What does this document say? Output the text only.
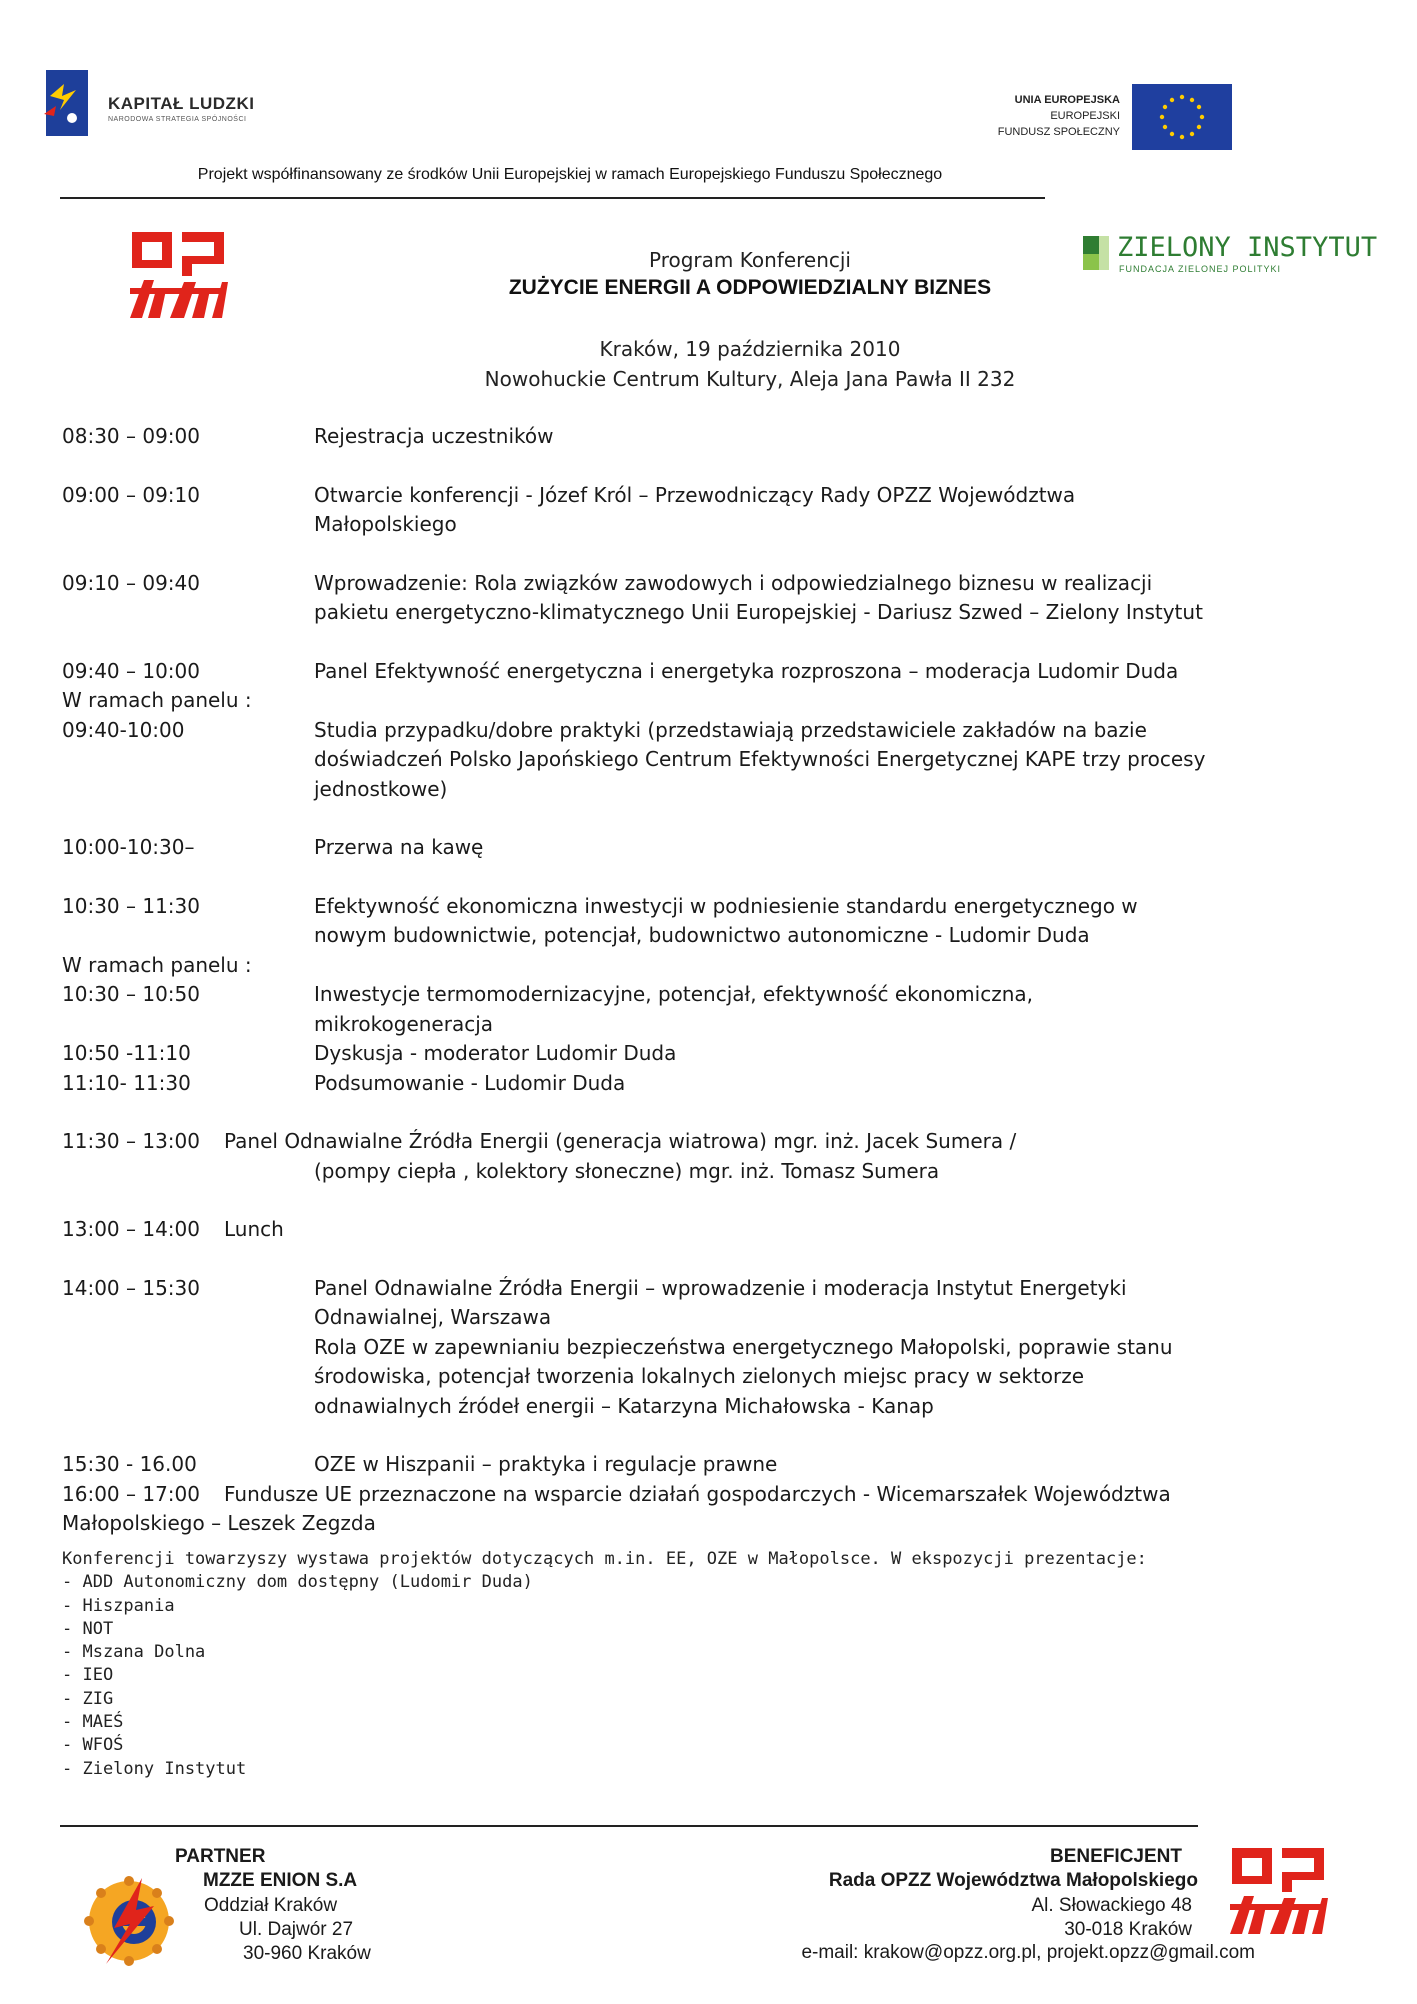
KAPITAŁ LUDZKI
NARODOWA STRATEGIA SPÓJNOŚCI
UNIA EUROPEJSKA
EUROPEJSKI
FUNDUSZ SPOŁECZNY
Projekt współfinansowany ze środków Unii Europejskiej w ramach Europejskiego Funduszu Społecznego
ZIELONY INSTYTUT
FUNDACJA ZIELONEJ POLITYKI
Program Konferencji
ZUŻYCIE ENERGII A ODPOWIEDZIALNY BIZNES
Kraków, 19 października 2010
Nowohuckie Centrum Kultury, Aleja Jana Pawła II 232
08:30 – 09:00	Rejestracja uczestników
09:00 – 09:10	Otwarcie konferencji - Józef Król – Przewodniczący Rady OPZZ Województwa
Małopolskiego
09:10 – 09:40	Wprowadzenie: Rola związków zawodowych i odpowiedzialnego biznesu w realizacji
pakietu energetyczno-klimatycznego Unii Europejskiej - Dariusz Szwed – Zielony Instytut
09:40 – 10:00	Panel Efektywność energetyczna i energetyka rozproszona – moderacja Ludomir Duda
W ramach panelu :
09:40-10:00	Studia przypadku/dobre praktyki (przedstawiają przedstawiciele zakładów na bazie
doświadczeń Polsko Japońskiego Centrum Efektywności Energetycznej KAPE trzy procesy
jednostkowe)
10:00-10:30–	Przerwa na kawę
10:30 – 11:30	Efektywność ekonomiczna inwestycji w podniesienie standardu energetycznego w
nowym budownictwie, potencjał, budownictwo autonomiczne - Ludomir Duda
W ramach panelu :
10:30 – 10:50	Inwestycje termomodernizacyjne, potencjał, efektywność ekonomiczna,
mikrokogeneracja
10:50 -11:10	Dyskusja - moderator Ludomir Duda
11:10- 11:30	Podsumowanie - Ludomir Duda
11:30 – 13:00 Panel Odnawialne Źródła Energii (generacja wiatrowa) mgr. inż. Jacek Sumera /
(pompy ciepła , kolektory słoneczne) mgr. inż. Tomasz Sumera
13:00 – 14:00 Lunch
14:00 – 15:30	Panel Odnawialne Źródła Energii – wprowadzenie i moderacja Instytut Energetyki
Odnawialnej, Warszawa
Rola OZE w zapewnianiu bezpieczeństwa energetycznego Małopolski, poprawie stanu
środowiska, potencjał tworzenia lokalnych zielonych miejsc pracy w sektorze
odnawialnych źródeł energii – Katarzyna Michałowska - Kanap
15:30 - 16.00	OZE w Hiszpanii – praktyka i regulacje prawne
16:00 – 17:00 Fundusze UE przeznaczone na wsparcie działań gospodarczych - Wicemarszałek Województwa
Małopolskiego – Leszek Zegzda
Konferencji towarzyszy wystawa projektów dotyczących m.in. EE, OZE w Małopolsce. W ekspozycji prezentacje:
- ADD Autonomiczny dom dostępny (Ludomir Duda)
- Hiszpania
- NOT
- Mszana Dolna
- IEO
- ZIG
- MAEŚ
- WFOŚ
- Zielony Instytut
PARTNER
MZZE ENION S.A
Oddział Kraków
Ul. Dajwór 27
30-960 Kraków
BENEFICJENT
Rada OPZZ Województwa Małopolskiego
Al. Słowackiego 48
30-018 Kraków
e-mail: krakow@opzz.org.pl, projekt.opzz@gmail.com
